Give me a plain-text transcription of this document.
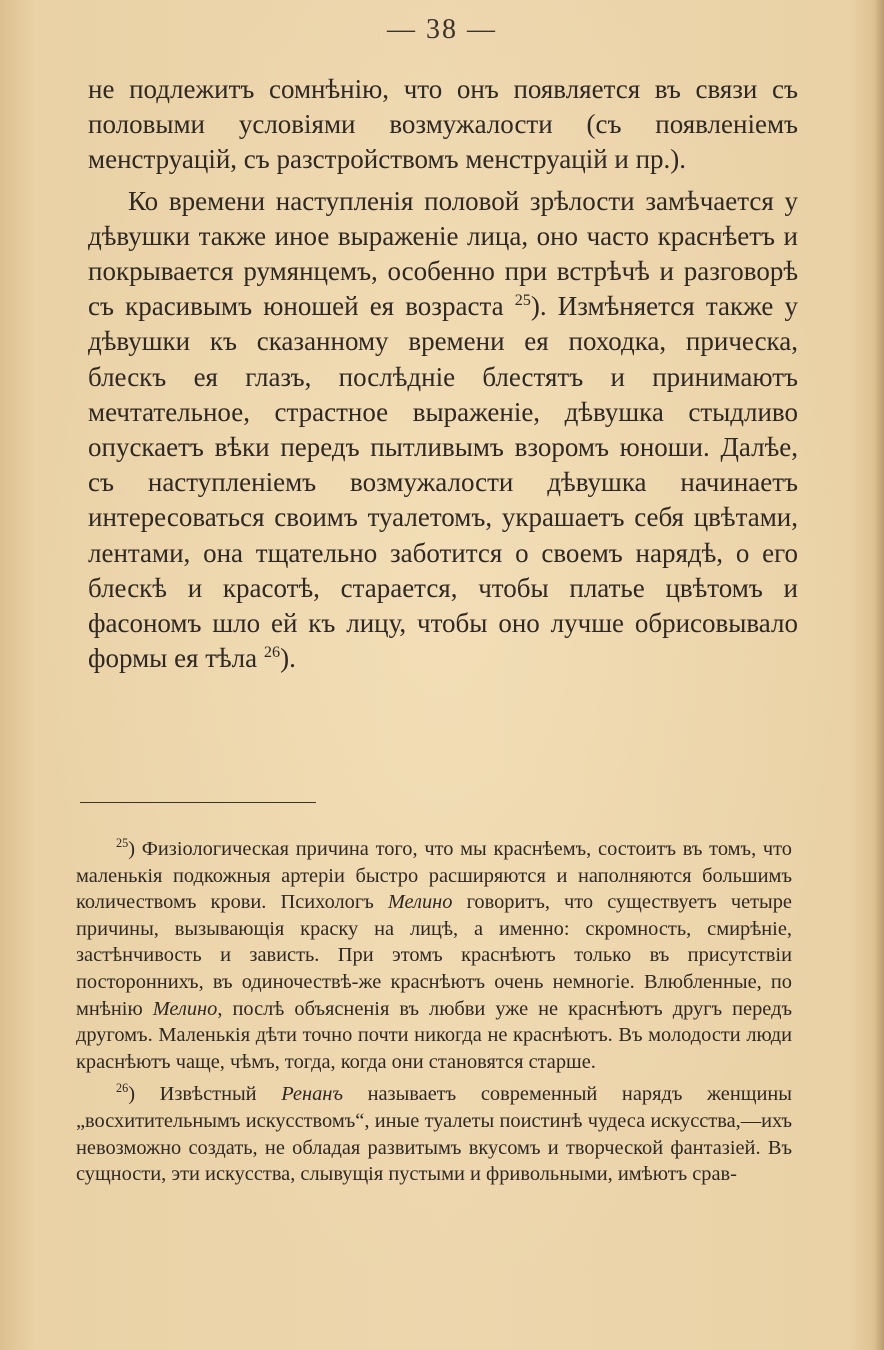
— 38 —

не подлежитъ сомнѣнію, что онъ появляется въ связи съ половыми условіями возмужалости (съ появленіемъ менструацій, съ разстройствомъ менструацій и пр.).

Ко времени наступленія половой зрѣлости замѣчается у дѣвушки также иное выраженіе лица, оно часто краснѣетъ и покрывается румянцемъ, особенно при встрѣчѣ и разговорѣ съ красивымъ юношей ея возраста $^{25}$). Измѣняется также у дѣвушки къ сказанному времени ея походка, прическа, блескъ ея глазъ, послѣдніе блестятъ и принимаютъ мечтательное, страстное выраженіе, дѣвушка стыдливо опускаетъ вѣки передъ пытливымъ взоромъ юноши. Далѣе, съ наступленіемъ возмужалости дѣвушка начинаетъ интересоваться своимъ туалетомъ, украшаетъ себя цвѣтами, лентами, она тщательно заботится о своемъ нарядѣ, о его блескѣ и красотѣ, старается, чтобы платье цвѣтомъ и фасономъ шло ей къ лицу, чтобы оно лучше обрисовывало формы ея тѣла $^{26}$).

$^{25}$) Физіологическая причина того, что мы краснѣемъ, состоитъ въ томъ, что маленькія подкожныя артеріи быстро расширяются и наполняются большимъ количествомъ крови. Психологъ Мелино говоритъ, что существуетъ четыре причины, вызывающія краску на лицѣ, а именно: скромность, смирѣніе, застѣнчивость и зависть. При этомъ краснѣютъ только въ присутствіи постороннихъ, въ одиночествѣ-же краснѣютъ очень немногіе. Влюбленные, по мнѣнію Мелино, послѣ объясненія въ любви уже не краснѣютъ другъ передъ другомъ. Маленькія дѣти точно почти никогда не краснѣютъ. Въ молодости люди краснѣютъ чаще, чѣмъ, тогда, когда они становятся старше.

$^{26}$) Извѣстный Ренанъ называетъ современный нарядъ женщины „восхитительнымъ искусствомъ“, иные туалеты поистинѣ чудеса искусства,—ихъ невозможно создать, не обладая развитымъ вкусомъ и творческой фантазіей. Въ сущности, эти искусства, слывущія пустыми и фривольными, имѣютъ срав-
